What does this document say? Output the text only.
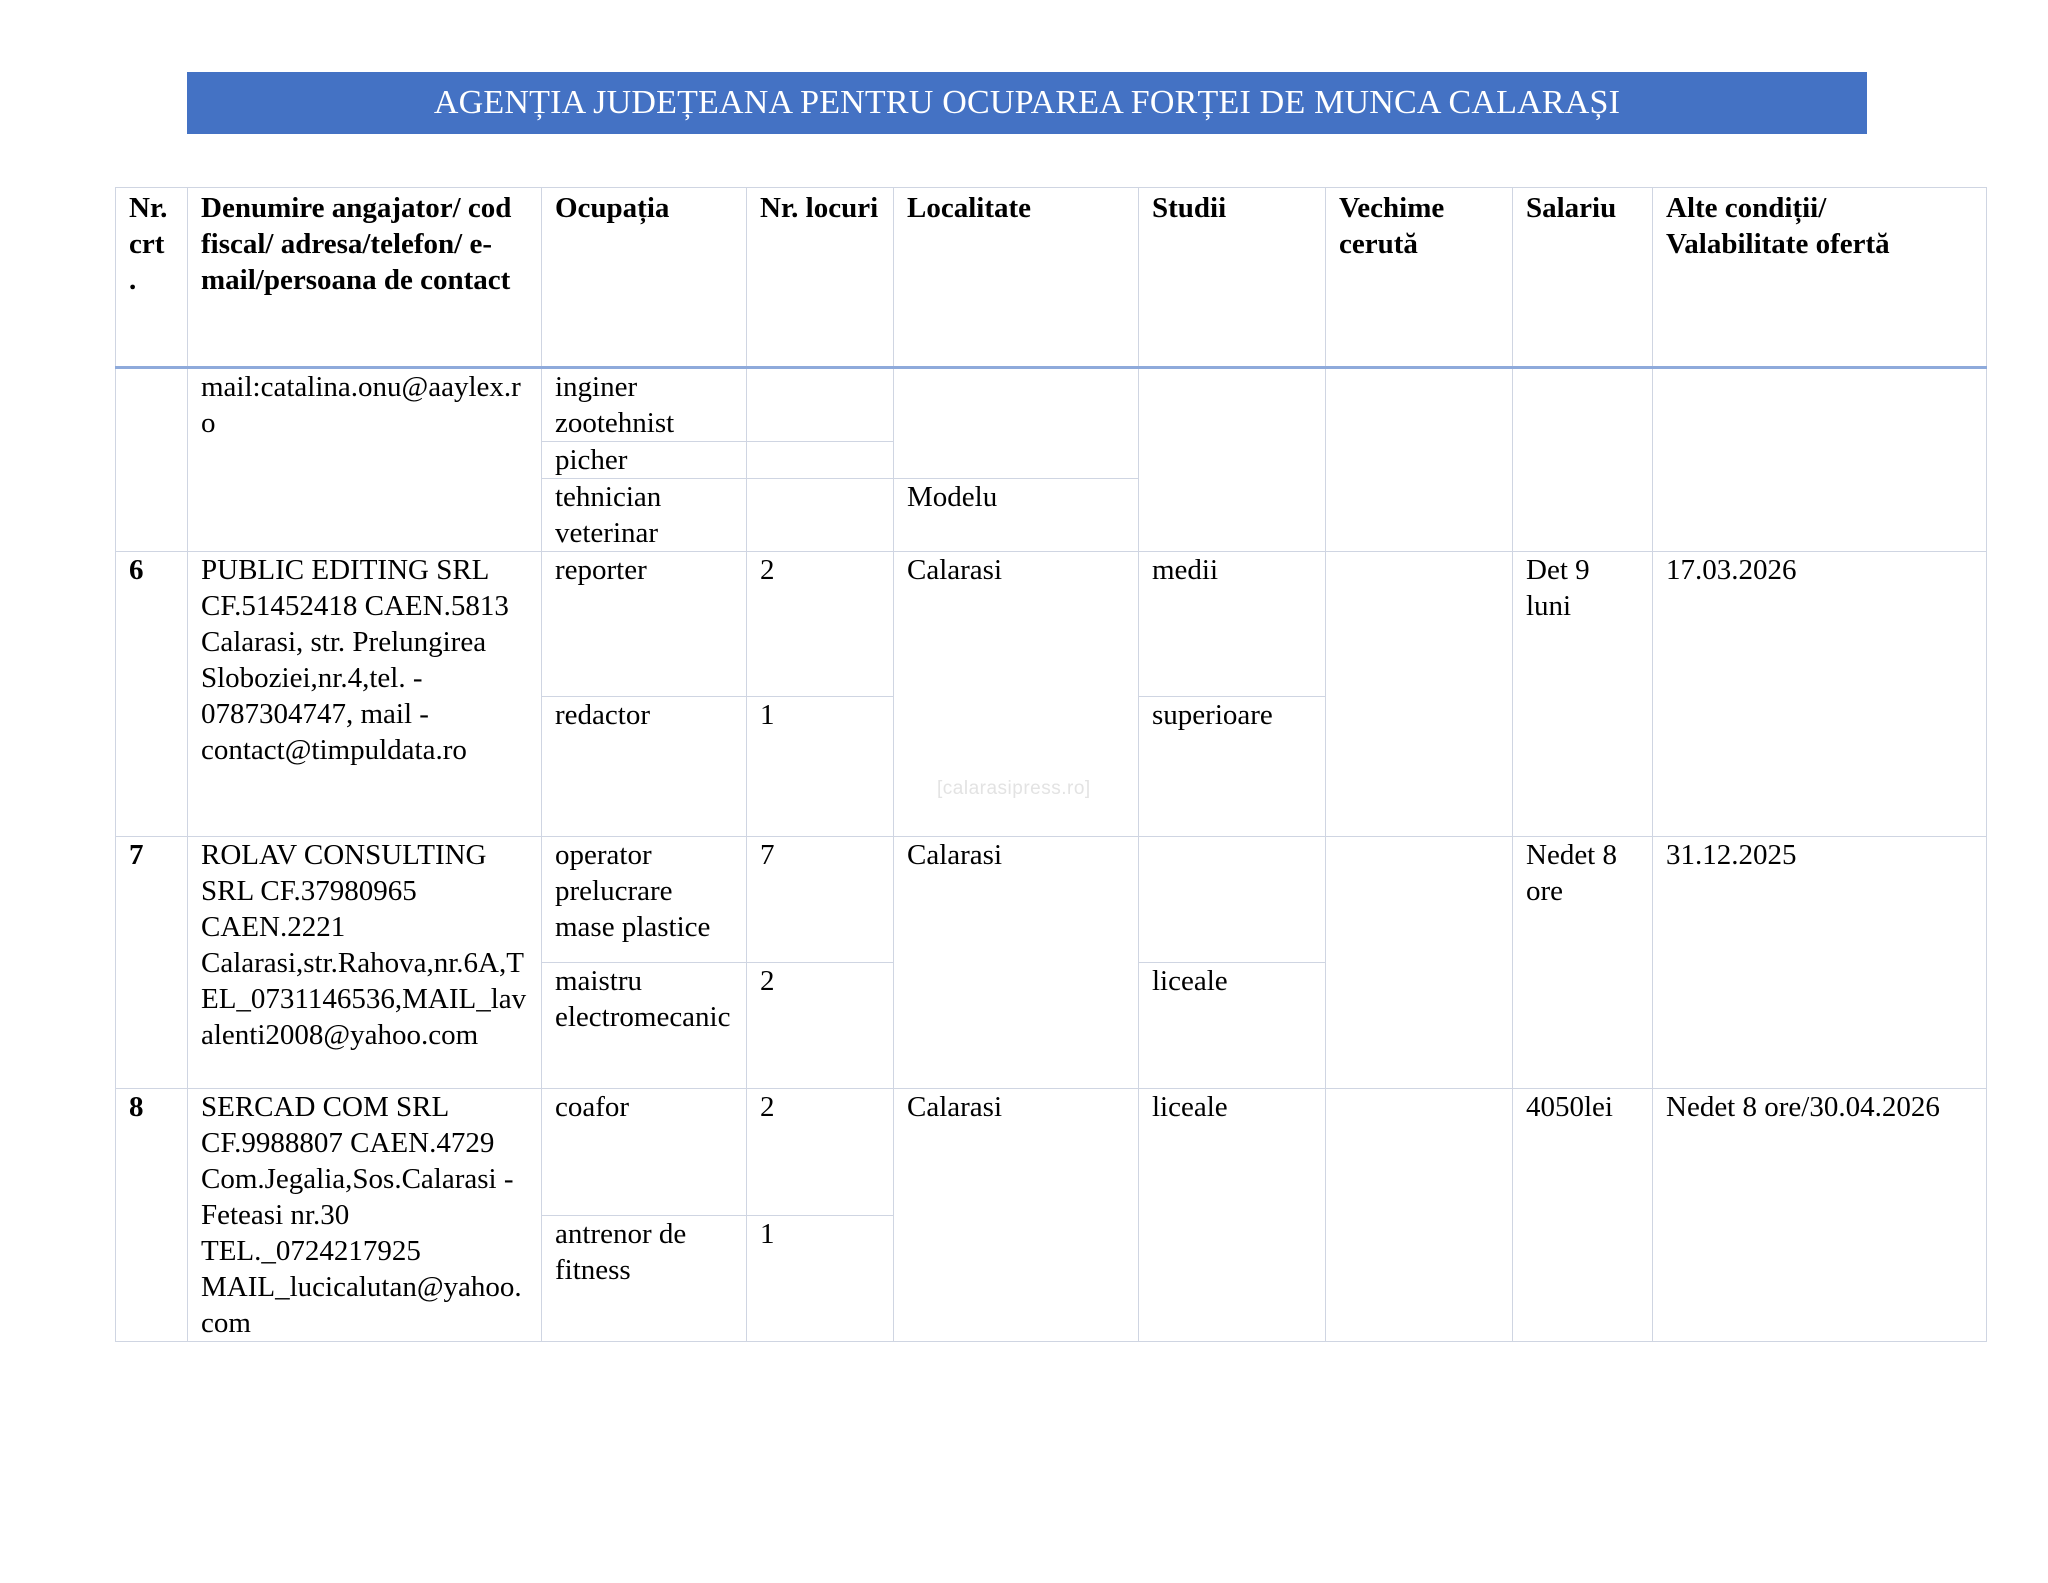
AGENȚIA JUDEȚEANA PENTRU OCUPAREA FORȚEI DE MUNCA CALARAȘI
Nr. crt .	Denumire angajator/ cod fiscal/ adresa/telefon/ e-mail/persoana de contact	Ocupația	Nr. locuri	Localitate	Studii	Vechime cerută	Salariu	Alte condiții/ Valabilitate ofertă
	mail:catalina.onu@aaylex.ro	inginer zootehnist						
		picher						
		tehnician veterinar		Modelu				
6	PUBLIC EDITING SRL CF.51452418 CAEN.5813 Calarasi, str. Prelungirea Sloboziei,nr.4,tel. - 0787304747, mail - contact@timpuldata.ro	reporter	2	Calarasi	medii		Det 9 luni	17.03.2026
		redactor	1		superioare			
7	ROLAV CONSULTING SRL CF.37980965 CAEN.2221 Calarasi,str.Rahova,nr.6A,TEL_0731146536,MAIL_lavalenti2008@yahoo.com	operator prelucrare mase plastice	7	Calarasi			Nedet 8 ore	31.12.2025
		maistru electromecanic	2		liceale			
8	SERCAD COM SRL CF.9988807 CAEN.4729 Com.Jegalia,Sos.Calarasi -Feteasi nr.30 TEL._0724217925 MAIL_lucicalutan@yahoo.com	coafor	2	Calarasi	liceale		4050lei	Nedet 8 ore/30.04.2026
		antrenor de fitness	1					
[calarasipress.ro]
